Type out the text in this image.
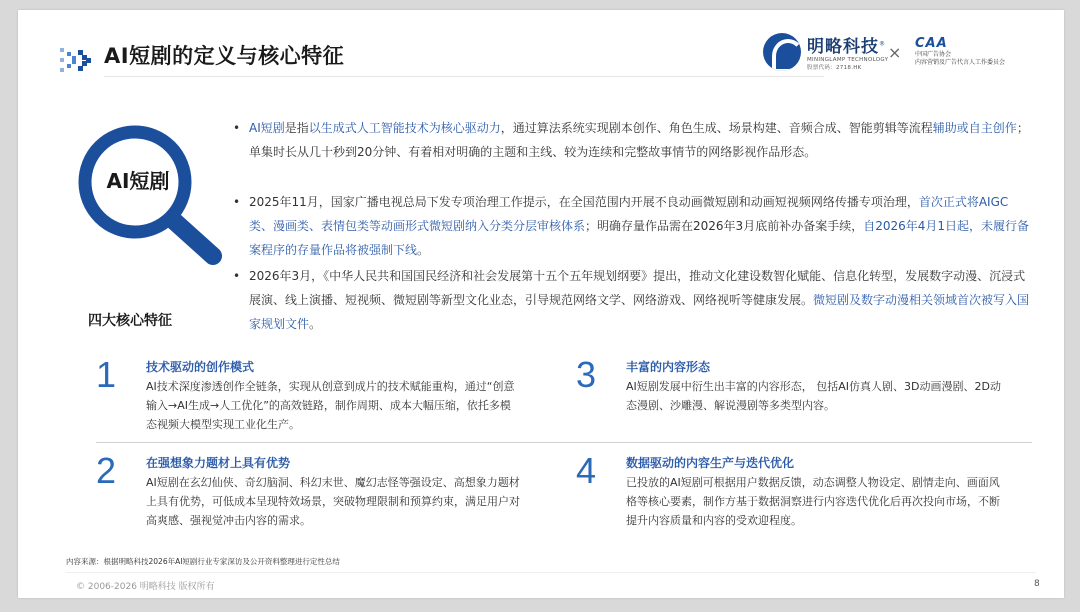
AI短剧的定义与核心特征	明略科技®
MININGLAMP TECHNOLOGY
股票代码：2718.HK
× CAA
中国广告协会
内容营销及广告代言人工作委员会
AI短剧
• AI短剧是指以生成式人工智能技术为核心驱动力，通过算法系统实现剧本创作、角色生成、场景构建、音频合成、智能剪辑等流程辅助或自主创作；单集时长从几十秒到20分钟、有着相对明确的主题和主线、较为连续和完整故事情节的网络影视作品形态。
• 2025年11月，国家广播电视总局下发专项治理工作提示，在全国范围内开展不良动画微短剧和动画短视频网络传播专项治理，首次正式将AIGC类、漫画类、表情包类等动画形式微短剧纳入分类分层审核体系；明确存量作品需在2026年3月底前补办备案手续，自2026年4月1日起，未履行备案程序的存量作品将被强制下线。
• 2026年3月，《中华人民共和国国民经济和社会发展第十五个五年规划纲要》提出，推动文化建设数智化赋能、信息化转型，发展数字动漫、沉浸式展演、线上演播、短视频、微短剧等新型文化业态，引导规范网络文学、网络游戏、网络视听等健康发展。微短剧及数字动漫相关领域首次被写入国家规划文件。
四大核心特征
1 技术驱动的创作模式
AI技术深度渗透创作全链条，实现从创意到成片的技术赋能重构，通过“创意输入→AI生成→人工优化”的高效链路，制作周期、成本大幅压缩，依托多模态视频大模型实现工业化生产。
3 丰富的内容形态
AI短剧发展中衍生出丰富的内容形态， 包括AI仿真人剧、3D动画漫剧、2D动态漫剧、沙雕漫、解说漫剧等多类型内容。
2 在强想象力题材上具有优势
AI短剧在玄幻仙侠、奇幻脑洞、科幻末世、魔幻志怪等强设定、高想象力题材上具有优势，可低成本呈现特效场景，突破物理限制和预算约束，满足用户对高爽感、强视觉冲击内容的需求。
4 数据驱动的内容生产与迭代优化
已投放的AI短剧可根据用户数据反馈，动态调整人物设定、剧情走向、画面风格等核心要素，制作方基于数据洞察进行内容迭代优化后再次投向市场，不断提升内容质量和内容的受欢迎程度。
内容来源：根据明略科技2026年AI短剧行业专家深访及公开资料整理进行定性总结
© 2006-2026 明略科技 版权所有	8
